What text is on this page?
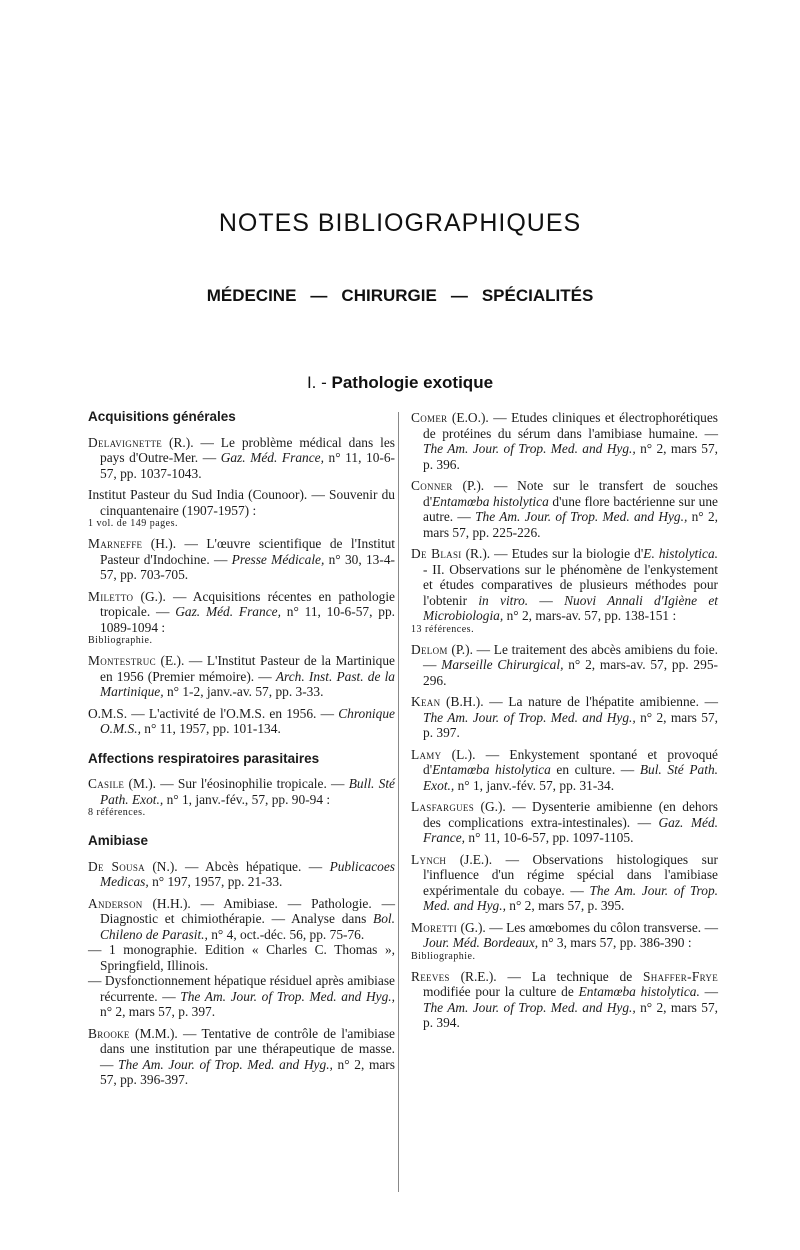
NOTES BIBLIOGRAPHIQUES
MÉDECINE — CHIRURGIE — SPÉCIALITÉS
I. - Pathologie exotique
Acquisitions générales
Delavignette (R.). — Le problème médical dans les pays d'Outre-Mer. — Gaz. Méd. France, n° 11, 10-6-57, pp. 1037-1043.
Institut Pasteur du Sud India (Counoor). — Souvenir du cinquantenaire (1907-1957) :
1 vol. de 149 pages.
Marneffe (H.). — L'œuvre scientifique de l'Institut Pasteur d'Indochine. — Presse Médicale, n° 30, 13-4-57, pp. 703-705.
Miletto (G.). — Acquisitions récentes en pathologie tropicale. — Gaz. Méd. France, n° 11, 10-6-57, pp. 1089-1094 :
Bibliographie.
Montestruc (E.). — L'Institut Pasteur de la Martinique en 1956 (Premier mémoire). — Arch. Inst. Past. de la Martinique, n° 1-2, janv.-av. 57, pp. 3-33.
O.M.S. — L'activité de l'O.M.S. en 1956. — Chronique O.M.S., n° 11, 1957, pp. 101-134.
Affections respiratoires parasitaires
Casile (M.). — Sur l'éosinophilie tropicale. — Bull. Sté Path. Exot., n° 1, janv.-fév., 57, pp. 90-94 :
8 références.
Amibiase
De Sousa (N.). — Abcès hépatique. — Publicacoes Medicas, n° 197, 1957, pp. 21-33.
Anderson (H.H.). — Amibiase. — Pathologie. — Diagnostic et chimiothérapie. — Analyse dans Bol. Chileno de Parasit., n° 4, oct.-déc. 56, pp. 75-76.
— 1 monographie. Edition « Charles C. Thomas », Springfield, Illinois.
— Dysfonctionnement hépatique résiduel après amibiase récurrente. — The Am. Jour. of Trop. Med. and Hyg., n° 2, mars 57, p. 397.
Brooke (M.M.). — Tentative de contrôle de l'amibiase dans une institution par une thérapeutique de masse. — The Am. Jour. of Trop. Med. and Hyg., n° 2, mars 57, pp. 396-397.
Comer (E.O.). — Etudes cliniques et électrophorétiques de protéines du sérum dans l'amibiase humaine. — The Am. Jour. of Trop. Med. and Hyg., n° 2, mars 57, p. 396.
Conner (P.). — Note sur le transfert de souches d'Entamœba histolytica d'une flore bactérienne sur une autre. — The Am. Jour. of Trop. Med. and Hyg., n° 2, mars 57, pp. 225-226.
De Blasi (R.). — Etudes sur la biologie d'E. histolytica. - II. Observations sur le phénomène de l'enkystement et études comparatives de plusieurs méthodes pour l'obtenir in vitro. — Nuovi Annali d'Igiène et Microbiologia, n° 2, mars-av. 57, pp. 138-151 :
13 références.
Delom (P.). — Le traitement des abcès amibiens du foie. — Marseille Chirurgical, n° 2, mars-av. 57, pp. 295-296.
Kean (B.H.). — La nature de l'hépatite amibienne. — The Am. Jour. of Trop. Med. and Hyg., n° 2, mars 57, p. 397.
Lamy (L.). — Enkystement spontané et provoqué d'Entamœba histolytica en culture. — Bul. Sté Path. Exot., n° 1, janv.-fév. 57, pp. 31-34.
Lasfargues (G.). — Dysenterie amibienne (en dehors des complications extra-intestinales). — Gaz. Méd. France, n° 11, 10-6-57, pp. 1097-1105.
Lynch (J.E.). — Observations histologiques sur l'influence d'un régime spécial dans l'amibiase expérimentale du cobaye. — The Am. Jour. of Trop. Med. and Hyg., n° 2, mars 57, p. 395.
Moretti (G.). — Les amœbomes du côlon transverse. — Jour. Méd. Bordeaux, n° 3, mars 57, pp. 386-390 :
Bibliographie.
Reeves (R.E.). — La technique de Shaffer-Frye modifiée pour la culture de Entamœba histolytica. — The Am. Jour. of Trop. Med. and Hyg., n° 2, mars 57, p. 394.
